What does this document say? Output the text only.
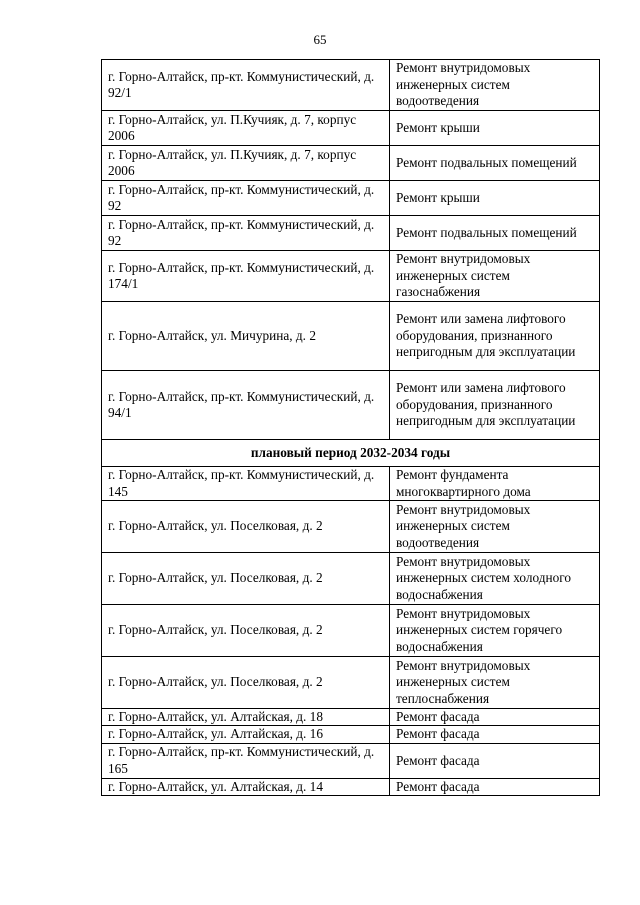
65
г. Горно-Алтайск, пр-кт. Коммунистический, д. 92/1	Ремонт внутридомовых инженерных систем водоотведения
г. Горно-Алтайск, ул. П.Кучияк, д. 7, корпус 2006	Ремонт крыши
г. Горно-Алтайск, ул. П.Кучияк, д. 7, корпус 2006	Ремонт подвальных помещений
г. Горно-Алтайск, пр-кт. Коммунистический, д. 92	Ремонт крыши
г. Горно-Алтайск, пр-кт. Коммунистический, д. 92	Ремонт подвальных помещений
г. Горно-Алтайск, пр-кт. Коммунистический, д. 174/1	Ремонт внутридомовых инженерных систем газоснабжения
г. Горно-Алтайск, ул. Мичурина, д. 2	Ремонт или замена лифтового оборудования, признанного непригодным для эксплуатации
г. Горно-Алтайск, пр-кт. Коммунистический, д. 94/1	Ремонт или замена лифтового оборудования, признанного непригодным для эксплуатации
плановый период 2032-2034 годы	
г. Горно-Алтайск, пр-кт. Коммунистический, д. 145	Ремонт фундамента многоквартирного дома
г. Горно-Алтайск, ул. Поселковая, д. 2	Ремонт внутридомовых инженерных систем водоотведения
г. Горно-Алтайск, ул. Поселковая, д. 2	Ремонт внутридомовых инженерных систем холодного водоснабжения
г. Горно-Алтайск, ул. Поселковая, д. 2	Ремонт внутридомовых инженерных систем горячего водоснабжения
г. Горно-Алтайск, ул. Поселковая, д. 2	Ремонт внутридомовых инженерных систем теплоснабжения
г. Горно-Алтайск, ул. Алтайская, д. 18	Ремонт фасада
г. Горно-Алтайск, ул. Алтайская, д. 16	Ремонт фасада
г. Горно-Алтайск, пр-кт. Коммунистический, д. 165	Ремонт фасада
г. Горно-Алтайск, ул. Алтайская, д. 14	Ремонт фасада
